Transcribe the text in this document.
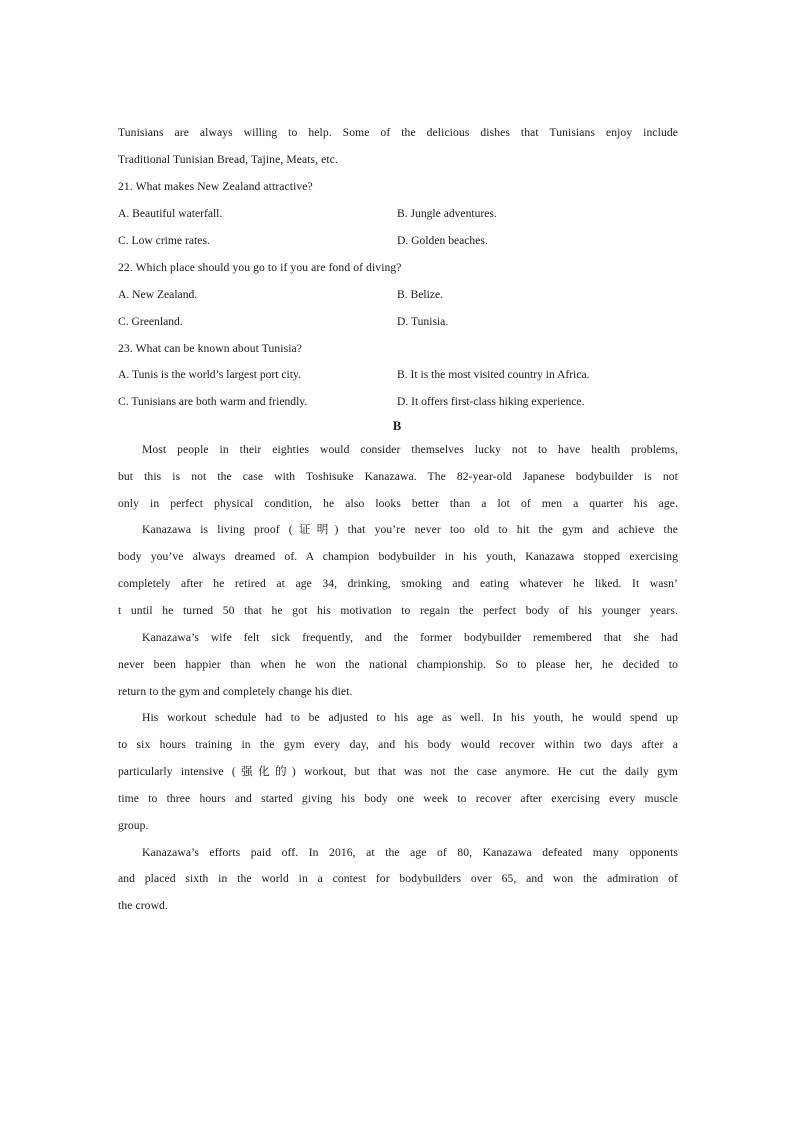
Tunisians are always willing to help. Some of the delicious dishes that Tunisians enjoy include
Traditional Tunisian Bread, Tajine, Meats, etc.
21. What makes New Zealand attractive?
A. Beautiful waterfall.	B. Jungle adventures.
C. Low crime rates.	D. Golden beaches.
22. Which place should you go to if you are fond of diving?
A. New Zealand.	B. Belize.
C. Greenland.	D. Tunisia.
23. What can be known about Tunisia?
A. Tunis is the world’s largest port city.	B. It is the most visited country in Africa.
C. Tunisians are both warm and friendly.	D. It offers first-class hiking experience.
B
Most people in their eighties would consider themselves lucky not to have health problems,
but this is not the case with Toshisuke Kanazawa. The 82-year-old Japanese bodybuilder is not
only in perfect physical condition, he also looks better than a lot of men a quarter his age.
Kanazawa is living proof (证明) that you’re never too old to hit the gym and achieve the
body you’ve always dreamed of. A champion bodybuilder in his youth, Kanazawa stopped exercising
completely after he retired at age 34, drinking, smoking and eating whatever he liked. It wasn’
t until he turned 50 that he got his motivation to regain the perfect body of his younger years.
Kanazawa’s wife felt sick frequently, and the former bodybuilder remembered that she had
never been happier than when he won the national championship. So to please her, he decided to
return to the gym and completely change his diet.
His workout schedule had to be adjusted to his age as well. In his youth, he would spend up
to six hours training in the gym every day, and his body would recover within two days after a
particularly intensive (强化的) workout, but that was not the case anymore. He cut the daily gym
time to three hours and started giving his body one week to recover after exercising every muscle
group.
Kanazawa’s efforts paid off. In 2016, at the age of 80, Kanazawa defeated many opponents
and placed sixth in the world in a contest for bodybuilders over 65, and won the admiration of
the crowd.
